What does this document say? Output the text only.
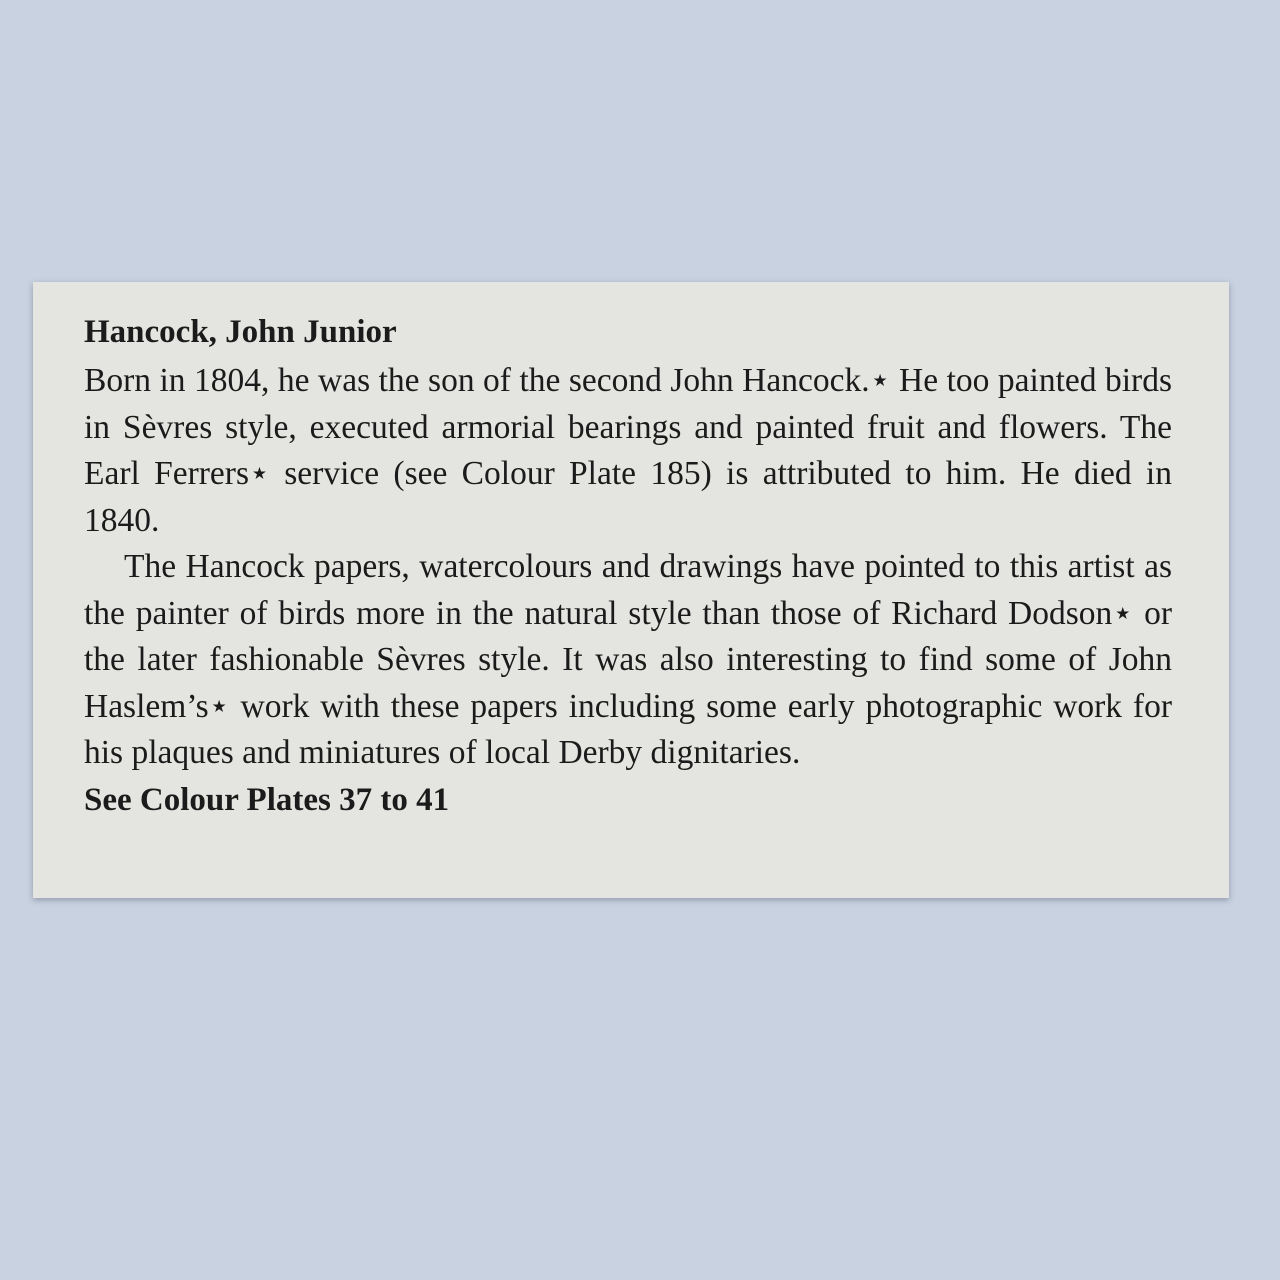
Hancock, John Junior

Born in 1804, he was the son of the second John Hancock.⋆ He too painted birds in Sèvres style, executed armorial bearings and painted fruit and flowers. The Earl Ferrers⋆ service (see Colour Plate 185) is attributed to him. He died in 1840.

The Hancock papers, watercolours and drawings have pointed to this artist as the painter of birds more in the natural style than those of Richard Dodson⋆ or the later fashionable Sèvres style. It was also interesting to find some of John Haslem’s⋆ work with these papers including some early photographic work for his plaques and miniatures of local Derby dignitaries.

See Colour Plates 37 to 41
